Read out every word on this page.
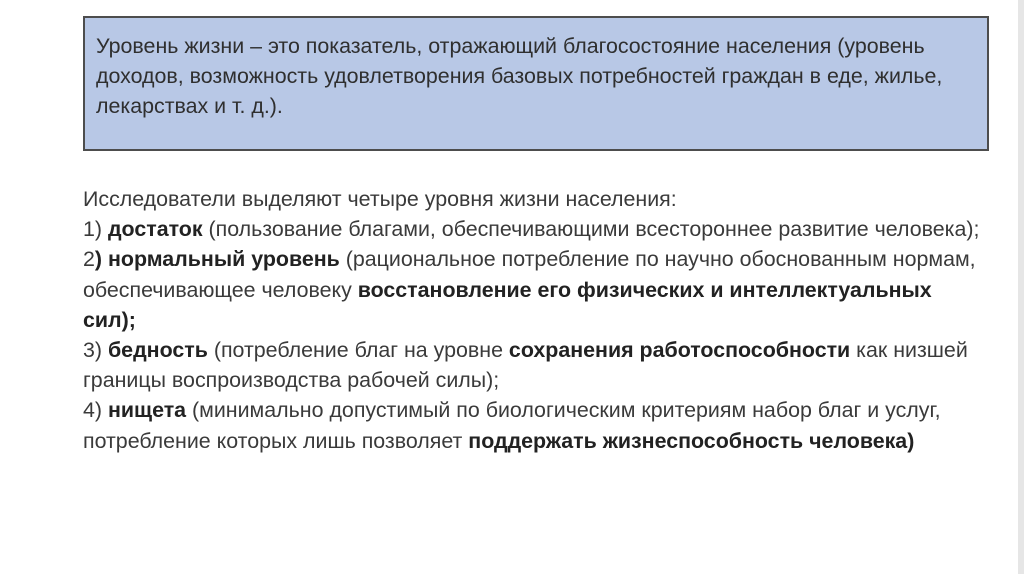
Уровень жизни – это показатель, отражающий благосостояние населения (уровень доходов, возможность удовлетворения базовых потребностей граждан в еде, жилье, лекарствах и т. д.).

Исследователи выделяют четыре уровня жизни населения:

1) достаток (пользование благами, обеспечивающими всестороннее развитие человека);

2) нормальный уровень (рациональное потребление по научно обоснованным нормам, обеспечивающее человеку восстановление его физических и интеллектуальных сил);

3) бедность (потребление благ на уровне сохранения работоспособности как низшей границы воспроизводства рабочей силы);

4) нищета (минимально допустимый по биологическим критериям набор благ и услуг, потребление которых лишь позволяет поддержать жизнеспособность человека)
